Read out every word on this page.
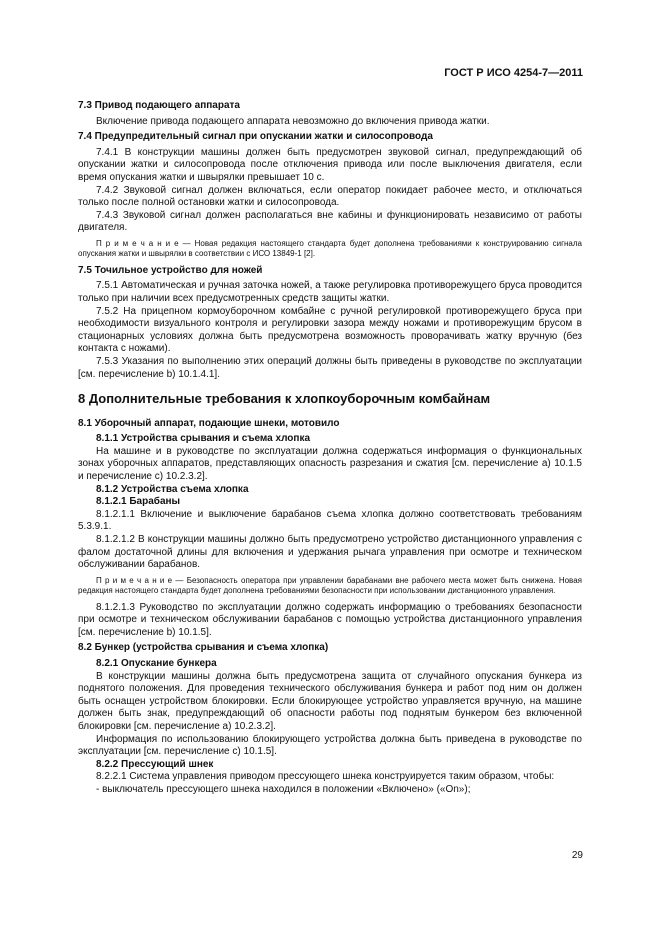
ГОСТ Р ИСО 4254-7—2011

7.3 Привод подающего аппарата

Включение привода подающего аппарата невозможно до включения привода жатки.

7.4 Предупредительный сигнал при опускании жатки и силосопровода

7.4.1 В конструкции машины должен быть предусмотрен звуковой сигнал, предупреждающий об опускании жатки и силосопровода после отключения привода или после выключения двигателя, если время опускания жатки и швырялки превышает 10 с.

7.4.2 Звуковой сигнал должен включаться, если оператор покидает рабочее место, и отключаться только после полной остановки жатки и силосопровода.

7.4.3 Звуковой сигнал должен располагаться вне кабины и функционировать независимо от работы двигателя.

П р и м е ч а н и е — Новая редакция настоящего стандарта будет дополнена требованиями к конструированию сигнала опускания жатки и швырялки в соответствии с ИСО 13849-1 [2].

7.5 Точильное устройство для ножей

7.5.1 Автоматическая и ручная заточка ножей, а также регулировка противорежущего бруса проводится только при наличии всех предусмотренных средств защиты жатки.

7.5.2 На прицепном кормоуборочном комбайне с ручной регулировкой противорежущего бруса при необходимости визуального контроля и регулировки зазора между ножами и противорежущим брусом в стационарных условиях должна быть предусмотрена возможность проворачивать жатку вручную (без контакта с ножами).

7.5.3 Указания по выполнению этих операций должны быть приведены в руководстве по эксплуатации [см. перечисление b) 10.1.4.1].

8 Дополнительные требования к хлопкоуборочным комбайнам

8.1 Уборочный аппарат, подающие шнеки, мотовило

8.1.1 Устройства срывания и съема хлопка

На машине и в руководстве по эксплуатации должна содержаться информация о функциональных зонах уборочных аппаратов, представляющих опасность разрезания и сжатия [см. перечисление а) 10.1.5 и перечисление с) 10.2.3.2].

8.1.2 Устройства съема хлопка

8.1.2.1 Барабаны

8.1.2.1.1 Включение и выключение барабанов съема хлопка должно соответствовать требованиям 5.3.9.1.

8.1.2.1.2 В конструкции машины должно быть предусмотрено устройство дистанционного управления с фалом достаточной длины для включения и удержания рычага управления при осмотре и техническом обслуживании барабанов.

П р и м е ч а н и е — Безопасность оператора при управлении барабанами вне рабочего места может быть снижена. Новая редакция настоящего стандарта будет дополнена требованиями безопасности при использовании дистанционного управления.

8.1.2.1.3 Руководство по эксплуатации должно содержать информацию о требованиях безопасности при осмотре и техническом обслуживании барабанов с помощью устройства дистанционного управления [см. перечисление b) 10.1.5].

8.2 Бункер (устройства срывания и съема хлопка)

8.2.1 Опускание бункера

В конструкции машины должна быть предусмотрена защита от случайного опускания бункера из поднятого положения. Для проведения технического обслуживания бункера и работ под ним он должен быть оснащен устройством блокировки. Если блокирующее устройство управляется вручную, на машине должен быть знак, предупреждающий об опасности работы под поднятым бункером без включенной блокировки [см. перечисление а) 10.2.3.2].

Информация по использованию блокирующего устройства должна быть приведена в руководстве по эксплуатации [см. перечисление с) 10.1.5].

8.2.2 Прессующий шнек

8.2.2.1 Система управления приводом прессующего шнека конструируется таким образом, чтобы:

- выключатель прессующего шнека находился в положении «Включено» («On»);

29
